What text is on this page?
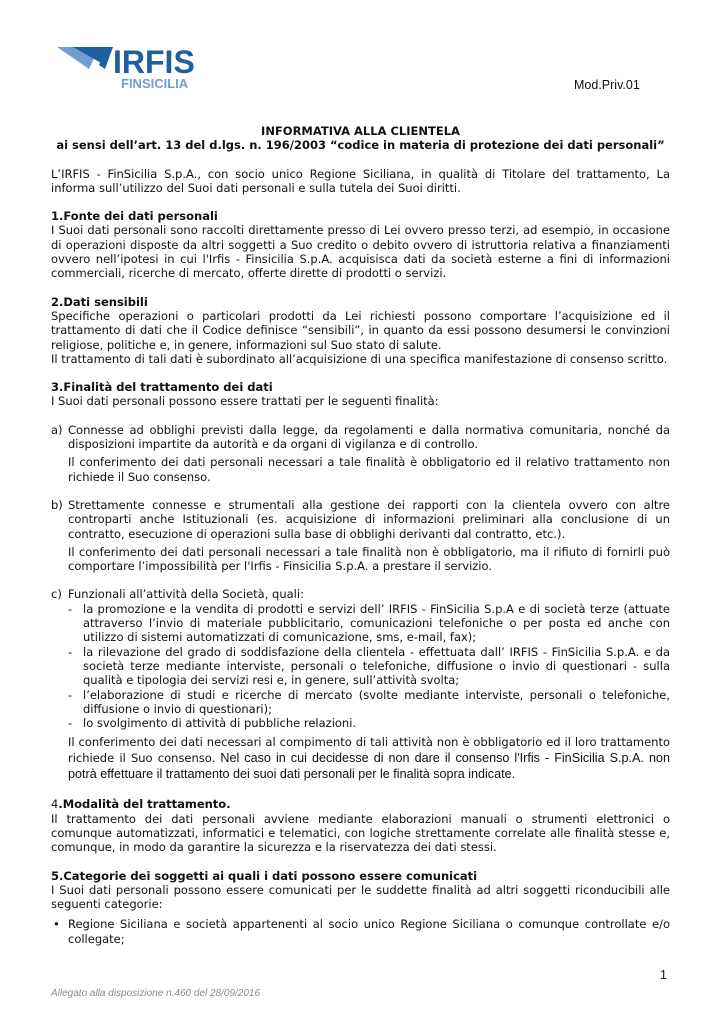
IRFIS
FINSICILIA	Mod.Priv.01
INFORMATIVA ALLA CLIENTELA
ai sensi dell’art. 13 del d.lgs. n. 196/2003 “codice in materia di protezione dei dati personali”

L’IRFIS - FinSicilia S.p.A., con socio unico Regione Siciliana, in qualità di Titolare del trattamento, La informa sull’utilizzo del Suoi dati personali e sulla tutela dei Suoi diritti.

1.Fonte dei dati personali

I Suoi dati personali sono raccolti direttamente presso di Lei ovvero presso terzi, ad esempio, in occasione di operazioni disposte da altri soggetti a Suo credito o debito ovvero di istruttoria relativa a finanziamenti ovvero nell’ipotesi in cui l'Irfis - Finsicilia S.p.A. acquisisca dati da società esterne a fini di informazioni commerciali, ricerche di mercato, offerte dirette di prodotti o servizi.

2.Dati sensibili

Specifiche operazioni o particolari prodotti da Lei richiesti possono comportare l’acquisizione ed il trattamento di dati che il Codice definisce “sensibili”, in quanto da essi possono desumersi le convinzioni religiose, politiche e, in genere, informazioni sul Suo stato di salute.

Il trattamento di tali dati è subordinato all’acquisizione di una specifica manifestazione di consenso scritto.

3.Finalità del trattamento dei dati

I Suoi dati personali possono essere trattati per le seguenti finalità:

a) Connesse ad obblighi previsti dalla legge, da regolamenti e dalla normativa comunitaria, nonché da disposizioni impartite da autorità e da organi di vigilanza e di controllo.
Il conferimento dei dati personali necessari a tale finalità è obbligatorio ed il relativo trattamento non richiede il Suo consenso.
b) Strettamente connesse e strumentali alla gestione dei rapporti con la clientela ovvero con altre controparti anche Istituzionali (es. acquisizione di informazioni preliminari alla conclusione di un contratto, esecuzione di operazioni sulla base di obblighi derivanti dal contratto, etc.).
Il conferimento dei dati personali necessari a tale finalità non è obbligatorio, ma il rifiuto di fornirli può comportare l’impossibilità per l'Irfis - Finsicilia S.p.A. a prestare il servizio.
c) Funzionali all’attività della Società, quali:
- la promozione e la vendita di prodotti e servizi dell’ IRFIS - FinSicilia S.p.A e di società terze (attuate attraverso l’invio di materiale pubblicitario, comunicazioni telefoniche o per posta ed anche con utilizzo di sistemi automatizzati di comunicazione, sms, e-mail, fax);
- la rilevazione del grado di soddisfazione della clientela - effettuata dall’ IRFIS - FinSicilia S.p.A. e da società terze mediante interviste, personali o telefoniche, diffusione o invio di questionari - sulla qualità e tipologia dei servizi resi e, in genere, sull’attività svolta;
- l’elaborazione di studi e ricerche di mercato (svolte mediante interviste, personali o telefoniche, diffusione o invio di questionari);
- lo svolgimento di attività di pubbliche relazioni.
Il conferimento dei dati necessari al compimento di tali attività non è obbligatorio ed il loro trattamento richiede il Suo consenso. Nel caso in cui decidesse di non dare il consenso l'Irfis - FinSicilia S.p.A. non potrà effettuare il trattamento dei suoi dati personali per le finalità sopra indicate.
4.Modalità del trattamento.

Il trattamento dei dati personali avviene mediante elaborazioni manuali o strumenti elettronici o comunque automatizzati, informatici e telematici, con logiche strettamente correlate alle finalità stesse e, comunque, in modo da garantire la sicurezza e la riservatezza dei dati stessi.

5.Categorie dei soggetti ai quali i dati possono essere comunicati

I Suoi dati personali possono essere comunicati per le suddette finalità ad altri soggetti riconducibili alle seguenti categorie:

• Regione Siciliana e società appartenenti al socio unico Regione Siciliana o comunque controllate e/o collegate;
1
Allegato alla disposizione n.460 del 28/09/2016
